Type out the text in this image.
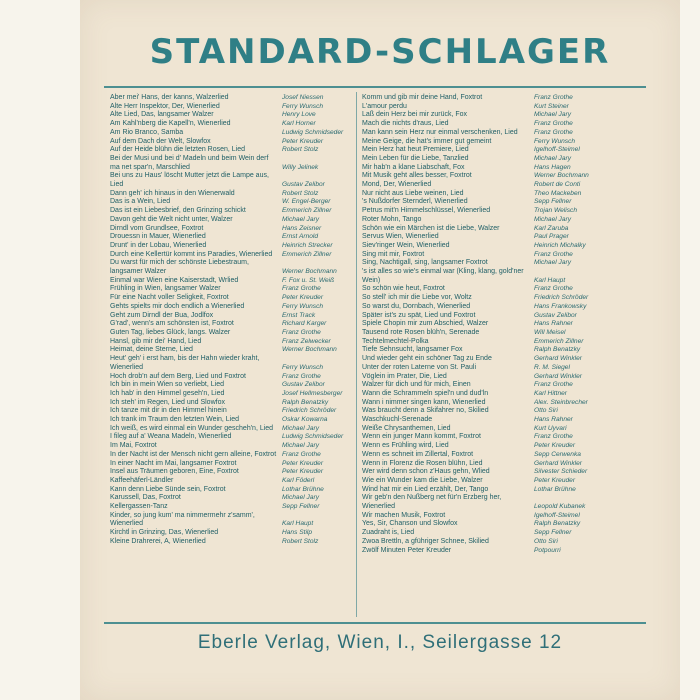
STANDARD-SCHLAGER
Aber mei' Hans, der kanns, Walzerlied	Josef Niessen
Alte Herr Inspektor, Der, Wienerlied	Ferry Wunsch
Alte Lied, Das, langsamer Walzer	Henry Love
Am Kahl'nberg die Kapell'n, Wienerlied	Karl Horner
Am Rio Branco, Samba	Ludwig Schmidseder
Auf dem Dach der Welt, Slowfox	Peter Kreuder
Auf der Heide blühn die letzten Rosen, Lied	Robert Stolz
Bei der Musi und bei d' Madeln und beim Wein derf ma net spar'n, Marschlied	Willy Jelinek
Bei uns zu Haus' löscht Mutter jetzt die Lampe aus, Lied	Gustav Zelibor
Dann geh' ich hinaus in den Wienerwald	Robert Stolz
Das is a Wein, Lied	W. Engel-Berger
Das ist ein Liebesbrief, den Grinzing schickt	Emmerich Zillner
Davon geht die Welt nicht unter, Walzer	Michael Jary
Dirndl vom Grundlsee, Foxtrot	Hans Zeisner
Drouessn in Mauer, Wienerlied	Ernst Arnold
Drunt' in der Lobau, Wienerlied	Heinrich Strecker
Durch eine Kellertür kommt ins Paradies, Wienerlied	Emmerich Zillner
Du warst für mich der schönste Liebestraum, langsamer Walzer	Werner Bochmann
Einmal war Wien eine Kaiserstadt, Wrlied	F. Fox u. St. Weiß
Frühling in Wien, langsamer Walzer	Franz Grothe
Für eine Nacht voller Seligkeit, Foxtrot	Peter Kreuder
Gehts spielts mir doch endlich a Wienerlied	Ferry Wunsch
Geht zum Dirndl der Bua, Jodlfox	Ernst Track
G'rad', wenn's am schönsten ist, Foxtrot	Richard Karger
Guten Tag, liebes Glück, langs. Walzer	Franz Grothe
Hansl, gib mir dei' Hand, Lied	Franz Zelwecker
Heimat, deine Sterne, Lied	Werner Bochmann
Heut' geh' i erst ham, bis der Hahn wieder kraht, Wienerlied	Ferry Wunsch
Hoch drob'n auf dem Berg, Lied und Foxtrot	Franz Grothe
Ich bin in mein Wien so verliebt, Lied	Gustav Zelibor
Ich hab' in den Himmel geseh'n, Lied	Josef Hellmesberger
Ich steh' im Regen, Lied und Slowfox	Ralph Benatzky
Ich tanze mit dir in den Himmel hinein	Friedrich Schröder
Ich trank im Traum den letzten Wein, Lied	Oskar Kowarna
Ich weiß, es wird einmal ein Wunder gescheh'n, Lied	Michael Jary
I fileg auf a' Weana Madeln, Wienerlied	Ludwig Schmidseder
Im Mai, Foxtrot	Michael Jary
In der Nacht ist der Mensch nicht gern alleine, Foxtrot Franz Grothe
In einer Nacht im Mai, langsamer Foxtrot	Peter Kreuder
Insel aus Träumen geboren, Eine, Foxtrot	Peter Kreuder
Kaffeehäferl-Ländler	Karl Föderl
Kann denn Liebe Sünde sein, Foxtrot	Lothar Brühne
Karussell, Das, Foxtrot	Michael Jary
Kellergassen-Tanz	Sepp Fellner
Kinder, so jung kum' ma nimmermehr z'samm', Wienerlied	Karl Haupt
Kirchtl in Grinzing, Das, Wienerlied	Hans Stilp
Kleine Drahrerei, A, Wienerlied	Robert Stolz
Komm und gib mir deine Hand, Foxtrot	Franz Grothe
L'amour perdu	Kurt Steiner
Laß dein Herz bei mir zurück, Fox	Michael Jary
Mach die nichts d'raus, Lied	Franz Grothe
Man kann sein Herz nur einmal verschenken, Lied	Franz Grothe
Meine Geige, die hat's immer gut gemeint	Ferry Wunsch
Mein Herz hat heut Premiere, Lied	Igelhoff-Steimel
Mein Leben für die Liebe, Tanzlied	Michael Jary
Mir hab'n a klane Liabschaft, Fox	Hans Hagen
Mit Musik geht alles besser, Foxtrot	Werner Bochmann
Mond, Der, Wienerlied	Robert de Conti
Nur nicht aus Liebe weinen, Lied	Theo Mackeben
's Nußdorfer Sternderl, Wienerlied	Sepp Fellner
Petrus mit'n Himmelschlüssel, Wienerlied	Trojan Welisch
Roter Mohn, Tango	Michael Jary
Schön wie ein Märchen ist die Liebe, Walzer	Karl Zaruba
Servus Wien, Wienerlied	Paul Prager
Siev'ringer Wein, Wienerlied	Heinrich Michalky
Sing mit mir, Foxtrot	Franz Grothe
Sing, Nachtigall, sing, langsamer Foxtrot	Michael Jary
's ist alles so wie's einmal war (Kling, klang, gold'ner Wein)	Karl Haupt
So schön wie heut, Foxtrot	Franz Grothe
So stell' ich mir die Liebe vor, Woltz	Friedrich Schröder
So warst du, Dornbach, Wienerlied	Hans Frankowsky
Später ist's zu spät, Lied und Foxtrot	Gustav Zelibor
Spiele Chopin mir zum Abschied, Walzer	Hans Rahner
Tausend rote Rosen blüh'n, Serenade	Will Meisel
Techtelmechtel-Polka	Emmerich Zillner
Tiefe Sehnsucht, langsamer Fox	Ralph Benatzky
Und wieder geht ein schöner Tag zu Ende	Gerhard Winkler
Unter der roten Laterne von St. Pauli	R. M. Siegel
Vöglein im Prater, Die, Lied	Gerhard Winkler
Walzer für dich und für mich, Einen	Franz Grothe
Wann die Schrammeln spiel'n und dud'ln	Karl Hittner
Wann i nimmer singen kann, Wienerlied	Alex. Steinbrecher
Was braucht denn a Skifahrer no, Skilied	Otto Siri
Waschkuchl-Serenade	Hans Rahner
Weiße Chrysanthemen, Lied	Kurt Uyvari
Wenn ein junger Mann kommt, Foxtrot	Franz Grothe
Wenn es Frühling wird, Lied	Peter Kreuder
Wenn es schneit im Zillertal, Foxtrot	Sepp Cerwenka
Wenn in Florenz die Rosen blühn, Lied	Gerhard Winkler
Wer wird denn schon z'Haus gehn, Wlied	Silvester Schieder
Wie ein Wunder kam die Liebe, Walzer	Peter Kreuder
Wind hat mir ein Lied erzählt, Der, Tango	Lothar Brühne
Wir geb'n den Nußberg net für'n Erzberg her, Wienerlied	Leopold Kubanek
Wir machen Musik, Foxtrot	Igelhoff-Steimel
Yes, Sir, Chanson und Slowfox	Ralph Benatzky
Zuadraht is, Lied	Sepp Fellner
Zwoa Brettln, a gführiger Schnee, Skilied	Otto Siri
Zwölf Minuten Peter Kreuder	Potpourri
Eberle Verlag, Wien, I., Seilergasse 12
